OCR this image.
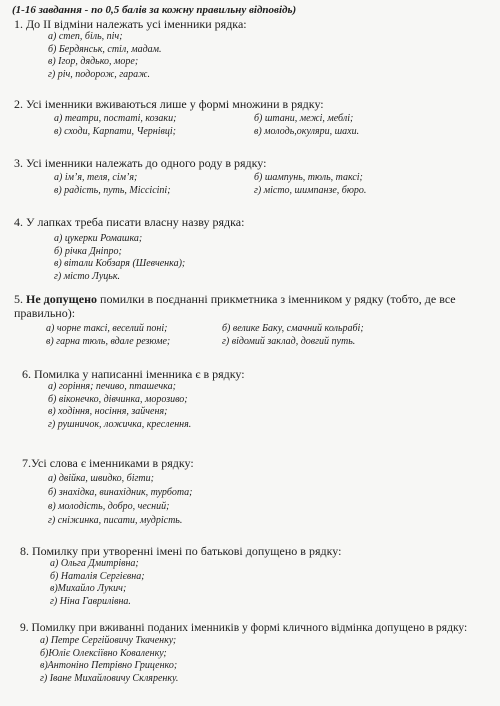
(1-16 завдання - по 0,5 балів за кожну правильну відповідь)
1. До ІІ відміни належать усі іменники рядка:
а) степ, біль, піч;
б) Бердянськ, стіл, мадам.
в) Ігор, дядько, море;
г) річ, подорож, гараж.
2. Усі іменники вживаються лише у формі множини в рядку:
а) театри, постаті, козаки;	б) штани, межі, меблі;
в) сходи, Карпати, Чернівці;	в) молодь,окуляри, шахи.
3. Усі іменники належать до одного роду в рядку:
а) ім’я, теля, сім’я;	б) шампунь, тюль, таксі;
в) радість, путь, Міссісіпі;	г) місто, шимпанзе, бюро.
4. У лапках треба писати власну назву рядка:
а) цукерки Ромашка;
б) річка Дніпро;
в) вітали Кобзаря (Шевченка);
г) місто Луцьк.
5. Не допущено помилки в поєднанні прикметника з іменником у рядку (тобто, де все правильно):
а) чорне таксі, веселий поні;	б) велике Баку, смачний кольрабі;
в) гарна тюль, вдале резюме;	г) відомий заклад, довгий путь.
6. Помилка у написанні іменника є в рядку:
а) горіння; печиво, пташечка;
б) віконечко, дівчинка, морозиво;
в) ходіння, носіння, зайченя;
г) рушничок, ложичка, креслення.
7.Усі слова є іменниками в рядку:
а) двійка, швидко, бігти;
б) знахідка, винахідник, турбота;
в) молодість, добро, чесний;
г) сніжинка, писати, мудрість.
8. Помилку при утворенні імені по батькові допущено в рядку:
а) Ольга Дмитрівна;
б) Наталія Сергієвна;
в)Михайло Лукич;
г) Ніна Гаврилівна.
9. Помилку при вживанні поданих іменників у формі кличного відмінка допущено в рядку:
а) Петре Сергійовичу Ткаченку;
б)Юліє Олексіївно Коваленку;
в)Антоніно Петрівно Гриценко;
г) Іване Михайловичу Скляренку.
